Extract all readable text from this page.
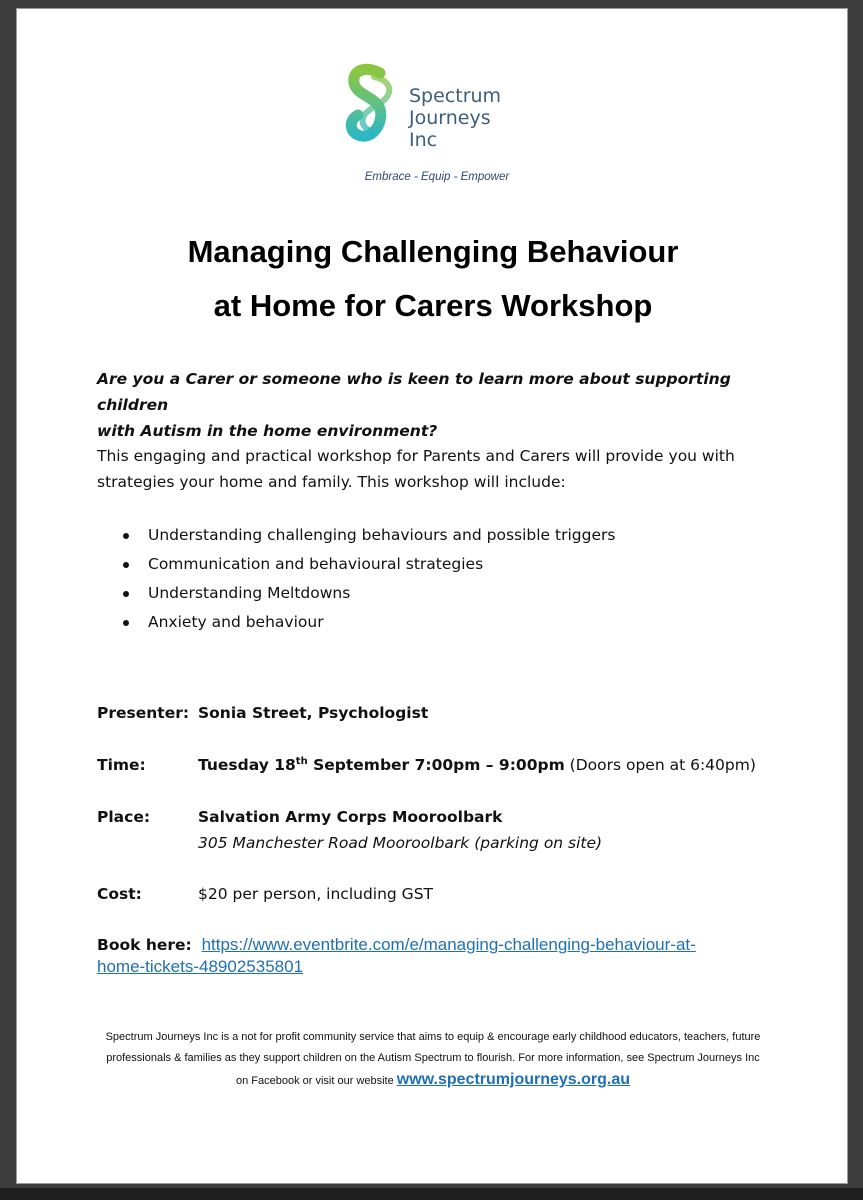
Spectrum
Journeys
Inc
Embrace - Equip - Empower
Managing Challenging Behaviour
at Home for Carers Workshop
Are you a Carer or someone who is keen to learn more about supporting children
with Autism in the home environment?
This engaging and practical workshop for Parents and Carers will provide you with
strategies your home and family. This workshop will include:
Understanding challenging behaviours and possible triggers
Communication and behavioural strategies
Understanding Meltdowns
Anxiety and behaviour
Presenter: Sonia Street, Psychologist
Time:	Tuesday 18th September 7:00pm – 9:00pm (Doors open at 6:40pm)
Place:	Salvation Army Corps Mooroolbark
305 Manchester Road Mooroolbark (parking on site)
Cost:	$20 per person, including GST
Book here: https://www.eventbrite.com/e/managing-challenging-behaviour-at-
home-tickets-48902535801
Spectrum Journeys Inc is a not for profit community service that aims to equip & encourage early childhood educators, teachers, future
professionals & families as they support children on the Autism Spectrum to flourish. For more information, see Spectrum Journeys Inc
on Facebook or visit our website www.spectrumjourneys.org.au
